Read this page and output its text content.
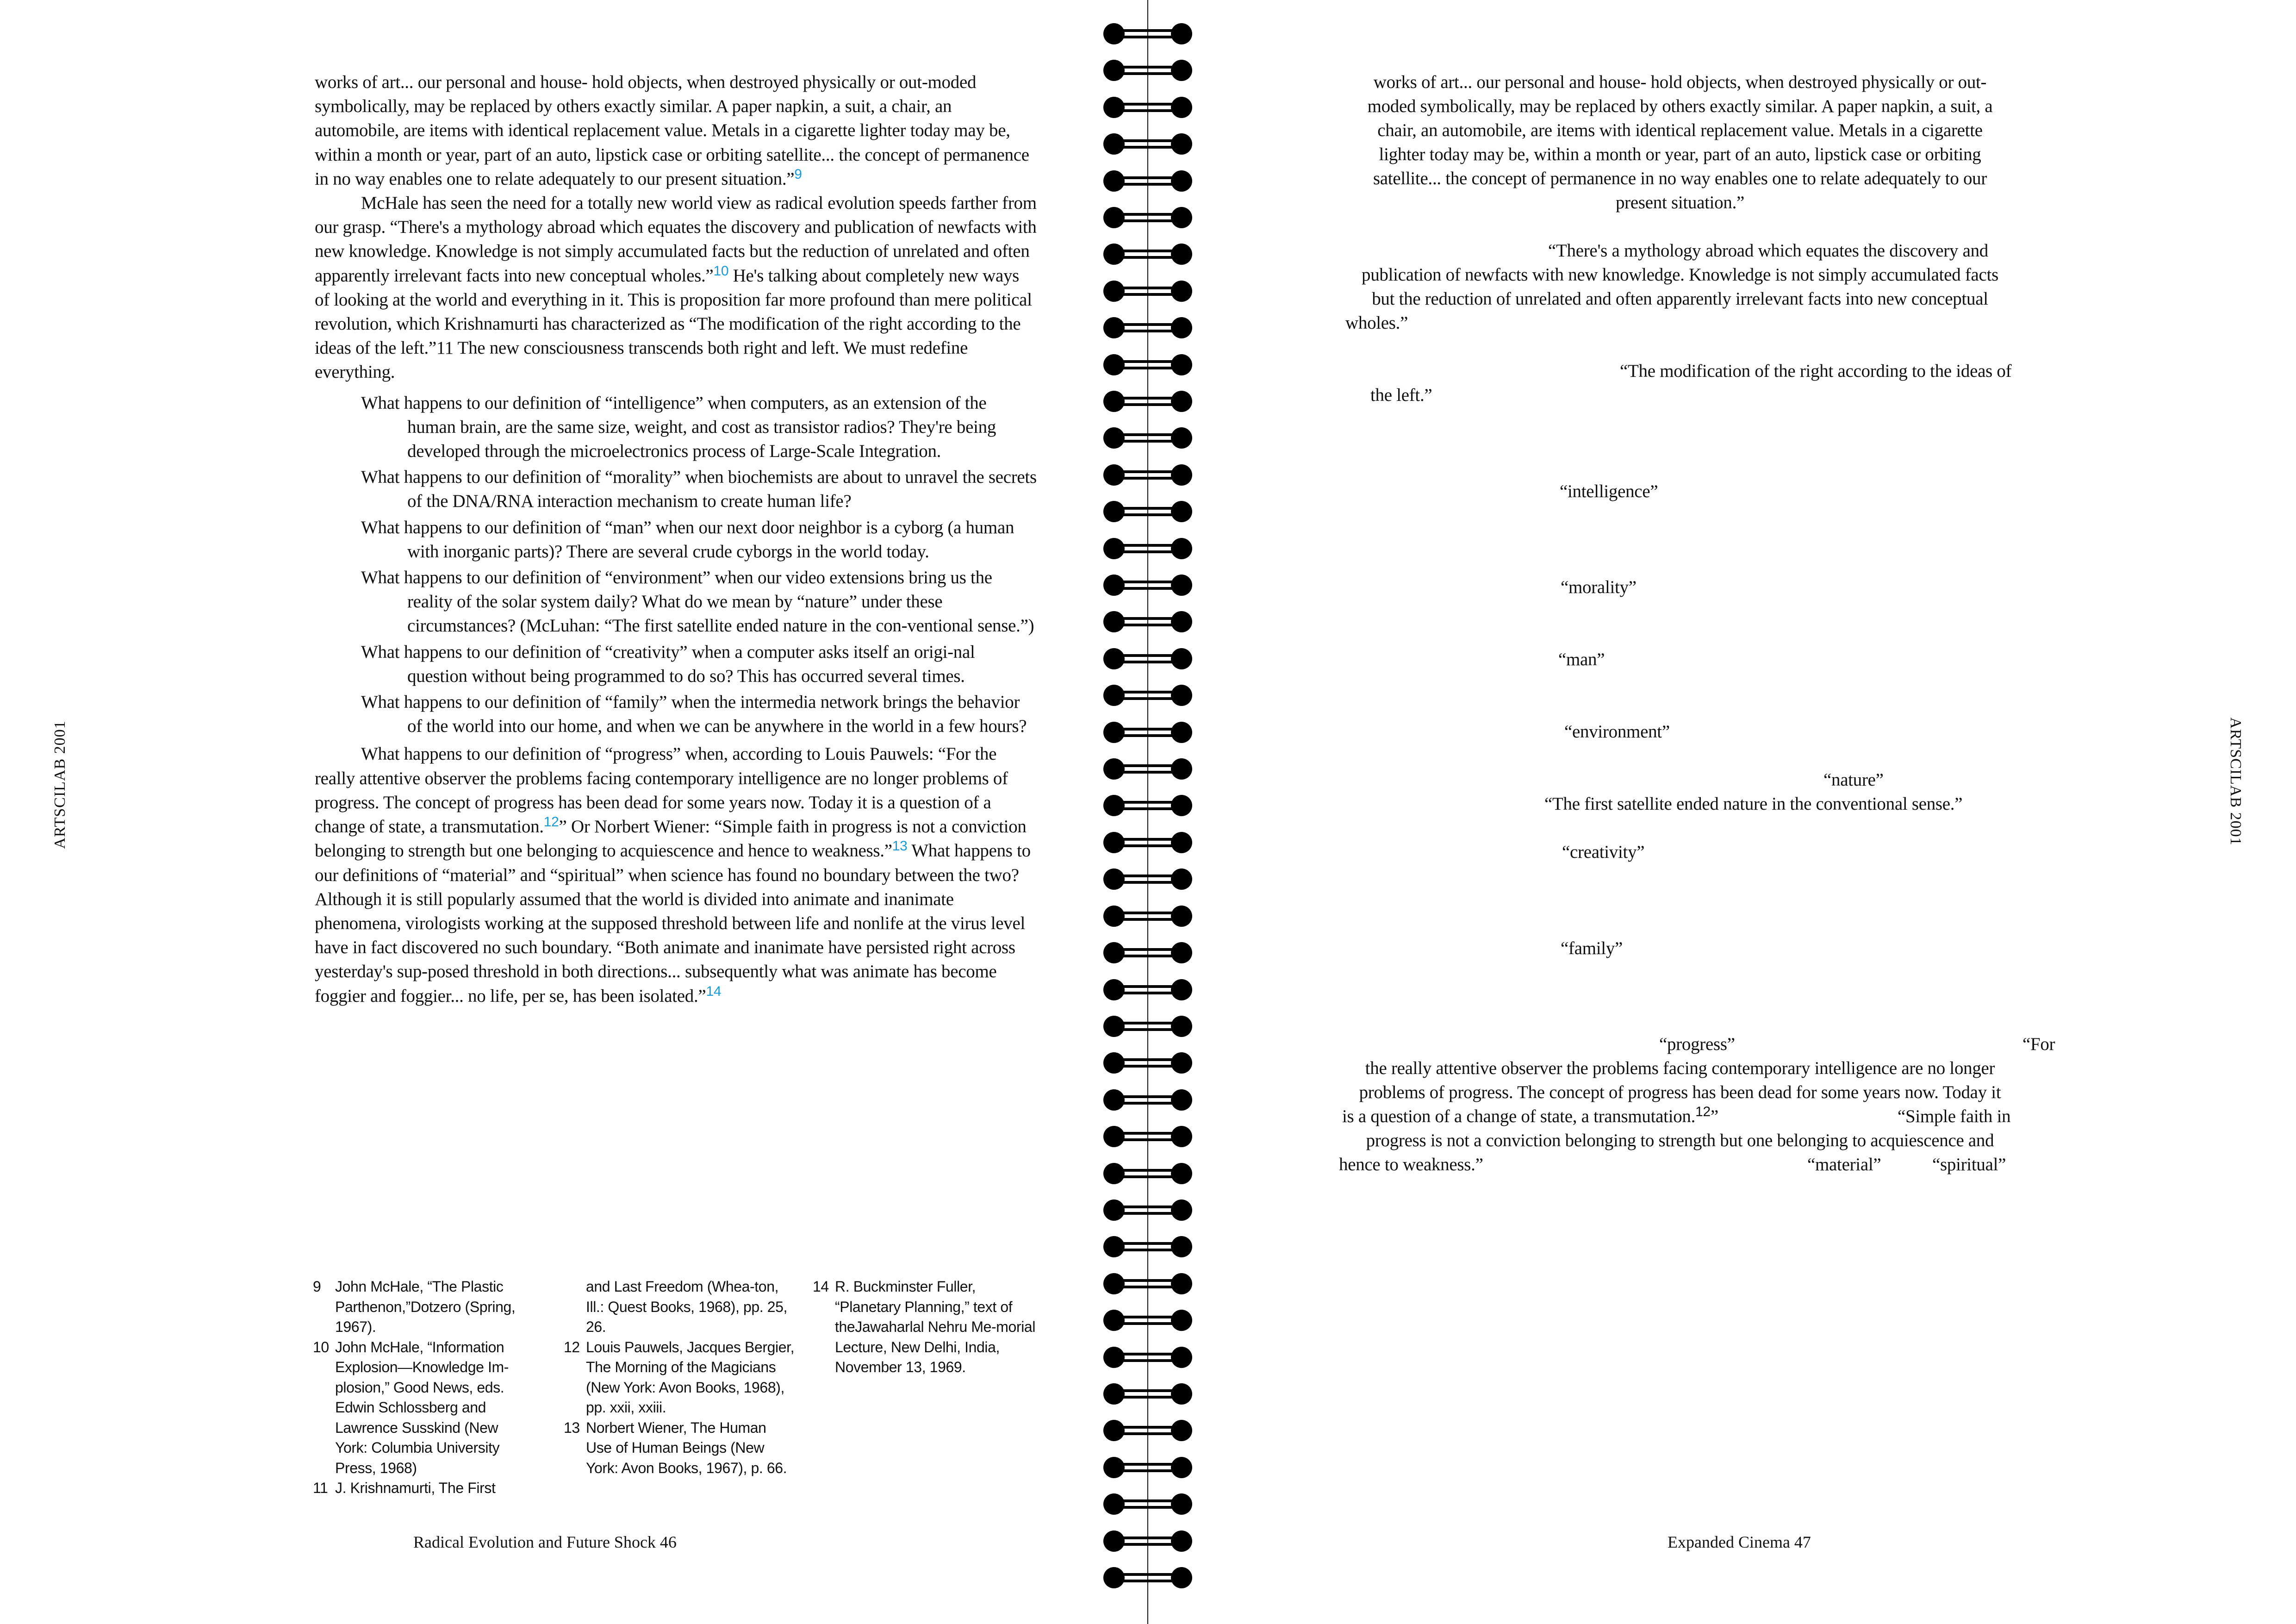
ARTSCILAB 2001	ARTSCILAB 2001

works of art... our personal and house- hold objects, when destroyed physically or out-moded symbolically, may be replaced by others exactly similar. A paper napkin, a suit, a chair, an automobile, are items with identical replacement value. Metals in a cigarette lighter today may be, within a month or year, part of an auto, lipstick case or orbiting satellite... the concept of permanence in no way enables one to relate adequately to our present situation.”$^9$

McHale has seen the need for a totally new world view as radical evolution speeds farther from our grasp. “There's a mythology abroad which equates the discovery and publication of newfacts with new knowledge. Knowledge is not simply accumulated facts but the reduction of unrelated and often apparently irrelevant facts into new conceptual wholes.”$^{10}$ He's talking about completely new ways of looking at the world and everything in it. This is proposition far more profound than mere political revolution, which Krishnamurti has characterized as “The modification of the right according to the ideas of the left.”11 The new consciousness transcends both right and left. We must redefine everything.

What happens to our definition of “intelligence” when computers, as an extension of the human brain, are the same size, weight, and cost as transistor radios? They're being developed through the microelectronics process of Large-Scale Integration.

What happens to our definition of “morality” when biochemists are about to unravel the secrets of the DNA/RNA interaction mechanism to create human life?

What happens to our definition of “man” when our next door neighbor is a cyborg (a human with inorganic parts)? There are several crude cyborgs in the world today.

What happens to our definition of “environment” when our video extensions bring us the reality of the solar system daily? What do we mean by “nature” under these circumstances? (McLuhan: “The first satellite ended nature in the con-ventional sense.”)

What happens to our definition of “creativity” when a computer asks itself an origi-nal question without being programmed to do so? This has occurred several times.

What happens to our definition of “family” when the intermedia network brings the behavior of the world into our home, and when we can be anywhere in the world in a few hours?

What happens to our definition of “progress” when, according to Louis Pauwels: “For the really attentive observer the problems facing contemporary intelligence are no longer problems of progress. The concept of progress has been dead for some years now. Today it is a question of a change of state, a transmutation.$^{12}$” Or Norbert Wiener: “Simple faith in progress is not a conviction belonging to strength but one belonging to acquiescence and hence to weakness.”$^{13}$ What happens to our definitions of “material” and “spiritual” when science has found no boundary between the two? Although it is still popularly assumed that the world is divided into animate and inanimate phenomena, virologists working at the supposed threshold between life and nonlife at the virus level have in fact discovered no such boundary. “Both animate and inanimate have persisted right across yesterday's sup-posed threshold in both directions... subsequently what was animate has become foggier and foggier... no life, per se, has been isolated.”$^{14}$

9 John McHale, “The Plastic Parthenon,”Dotzero (Spring, 1967).
10 John McHale, “Information Explosion—Knowledge Im-plosion,” Good News, eds. Edwin Schlossberg and Lawrence Susskind (New York: Columbia University Press, 1968)
11 J. Krishnamurti, The First
and Last Freedom (Whea-ton, Ill.: Quest Books, 1968), pp. 25, 26.
12 Louis Pauwels, Jacques Bergier, The Morning of the Magicians (New York: Avon Books, 1968), pp. xxii, xxiii.
13 Norbert Wiener, The Human Use of Human Beings (New York: Avon Books, 1967), p. 66.
14 R. Buckminster Fuller, “Planetary Planning,” text of theJawaharlal Nehru Me-morial Lecture, New Delhi, India, November 13, 1969.
Radical Evolution and Future Shock 46
works of art... our personal and house- hold objects, when destroyed physically or out-
moded symbolically, may be replaced by others exactly similar. A paper napkin, a suit, a
chair, an automobile, are items with identical replacement value. Metals in a cigarette
lighter today may be, within a month or year, part of an auto, lipstick case or orbiting
satellite... the concept of permanence in no way enables one to relate adequately to our
present situation.”
“There's a mythology abroad which equates the discovery and
publication of newfacts with new knowledge. Knowledge is not simply accumulated facts
but the reduction of unrelated and often apparently irrelevant facts into new conceptual
wholes.”
“The modification of the right according to the ideas of
the left.”
“intelligence”
“morality”
“man”
“environment”
“nature”
“The first satellite ended nature in the conventional sense.”
“creativity”
“family”
“progress”	“For
the really attentive observer the problems facing contemporary intelligence are no longer
problems of progress. The concept of progress has been dead for some years now. Today it
is a question of a change of state, a transmutation.$^{12}$”	“Simple faith in
progress is not a conviction belonging to strength but one belonging to acquiescence and
hence to weakness.”	“material”	“spiritual”
Expanded Cinema 47
